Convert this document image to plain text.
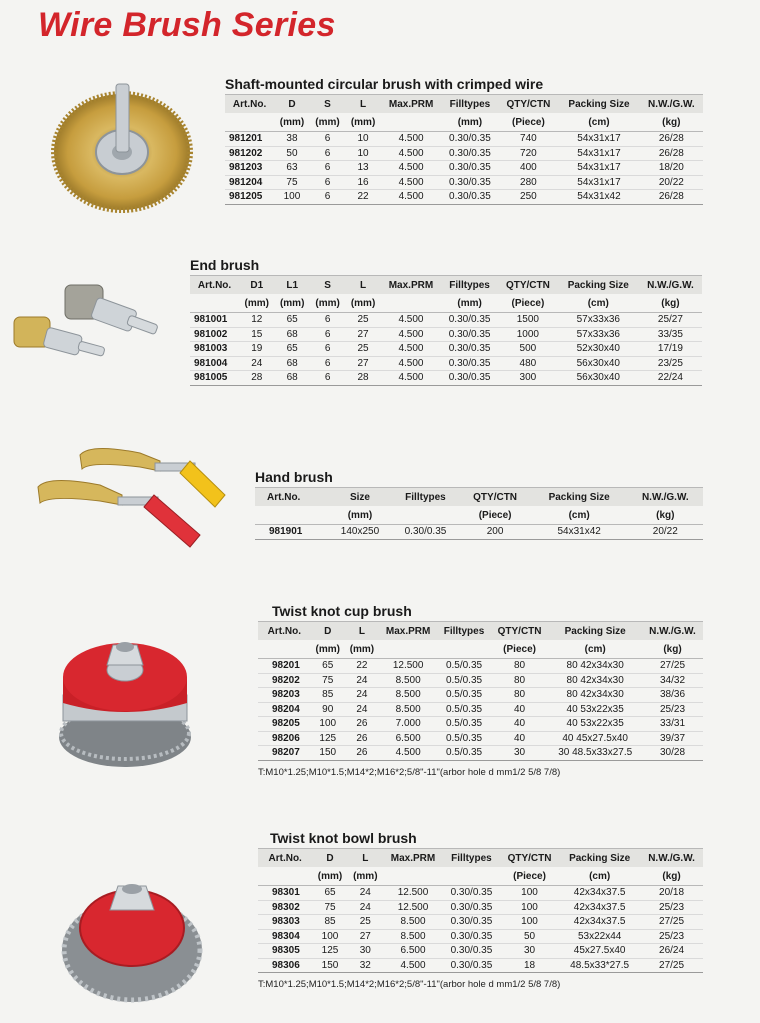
Wire Brush Series
Shaft-mounted circular brush with crimped wire
Art.No.	D	S	L	Max.PRM	Filltypes	QTY/CTN	Packing Size	N.W./G.W.
	(mm)	(mm)	(mm)		(mm)	(Piece)	(cm)	(kg)
981201	38	6	10	4.500	0.30/0.35	740	54x31x17	26/28
981202	50	6	10	4.500	0.30/0.35	720	54x31x17	26/28
981203	63	6	13	4.500	0.30/0.35	400	54x31x17	18/20
981204	75	6	16	4.500	0.30/0.35	280	54x31x17	20/22
981205	100	6	22	4.500	0.30/0.35	250	54x31x42	26/28
End brush
Art.No.	D1	L1	S	L	Max.PRM	Filltypes	QTY/CTN	Packing Size	N.W./G.W.
	(mm)	(mm)	(mm)	(mm)		(mm)	(Piece)	(cm)	(kg)
981001	12	65	6	25	4.500	0.30/0.35	1500	57x33x36	25/27
981002	15	68	6	27	4.500	0.30/0.35	1000	57x33x36	33/35
981003	19	65	6	25	4.500	0.30/0.35	500	52x30x40	17/19
981004	24	68	6	27	4.500	0.30/0.35	480	56x30x40	23/25
981005	28	68	6	28	4.500	0.30/0.35	300	56x30x40	22/24
Hand brush
Art.No.	Size	Filltypes	QTY/CTN	Packing Size	N.W./G.W.
	(mm)		(Piece)	(cm)	(kg)
981901	140x250	0.30/0.35	200	54x31x42	20/22
Twist knot cup brush
Art.No.	D	L	Max.PRM	Filltypes	QTY/CTN	Packing Size	N.W./G.W.
	(mm)	(mm)			(Piece)	(cm)	(kg)
98201	65	22	12.500	0.5/0.35	80	80 42x34x30	27/25
98202	75	24	8.500	0.5/0.35	80	80 42x34x30	34/32
98203	85	24	8.500	0.5/0.35	80	80 42x34x30	38/36
98204	90	24	8.500	0.5/0.35	40	40 53x22x35	25/23
98205	100	26	7.000	0.5/0.35	40	40 53x22x35	33/31
98206	125	26	6.500	0.5/0.35	40	40 45x27.5x40	39/37
98207	150	26	4.500	0.5/0.35	30	30 48.5x33x27.5	30/28
T:M10*1.25;M10*1.5;M14*2;M16*2;5/8"-11"(arbor hole d mm1/2 5/8 7/8)
Twist knot bowl brush
Art.No.	D	L	Max.PRM	Filltypes	QTY/CTN	Packing Size	N.W./G.W.
	(mm)	(mm)			(Piece)	(cm)	(kg)
98301	65	24	12.500	0.30/0.35	100	42x34x37.5	20/18
98302	75	24	12.500	0.30/0.35	100	42x34x37.5	25/23
98303	85	25	8.500	0.30/0.35	100	42x34x37.5	27/25
98304	100	27	8.500	0.30/0.35	50	53x22x44	25/23
98305	125	30	6.500	0.30/0.35	30	45x27.5x40	26/24
98306	150	32	4.500	0.30/0.35	18	48.5x33*27.5	27/25
T:M10*1.25;M10*1.5;M14*2;M16*2;5/8"-11"(arbor hole d mm1/2 5/8 7/8)
